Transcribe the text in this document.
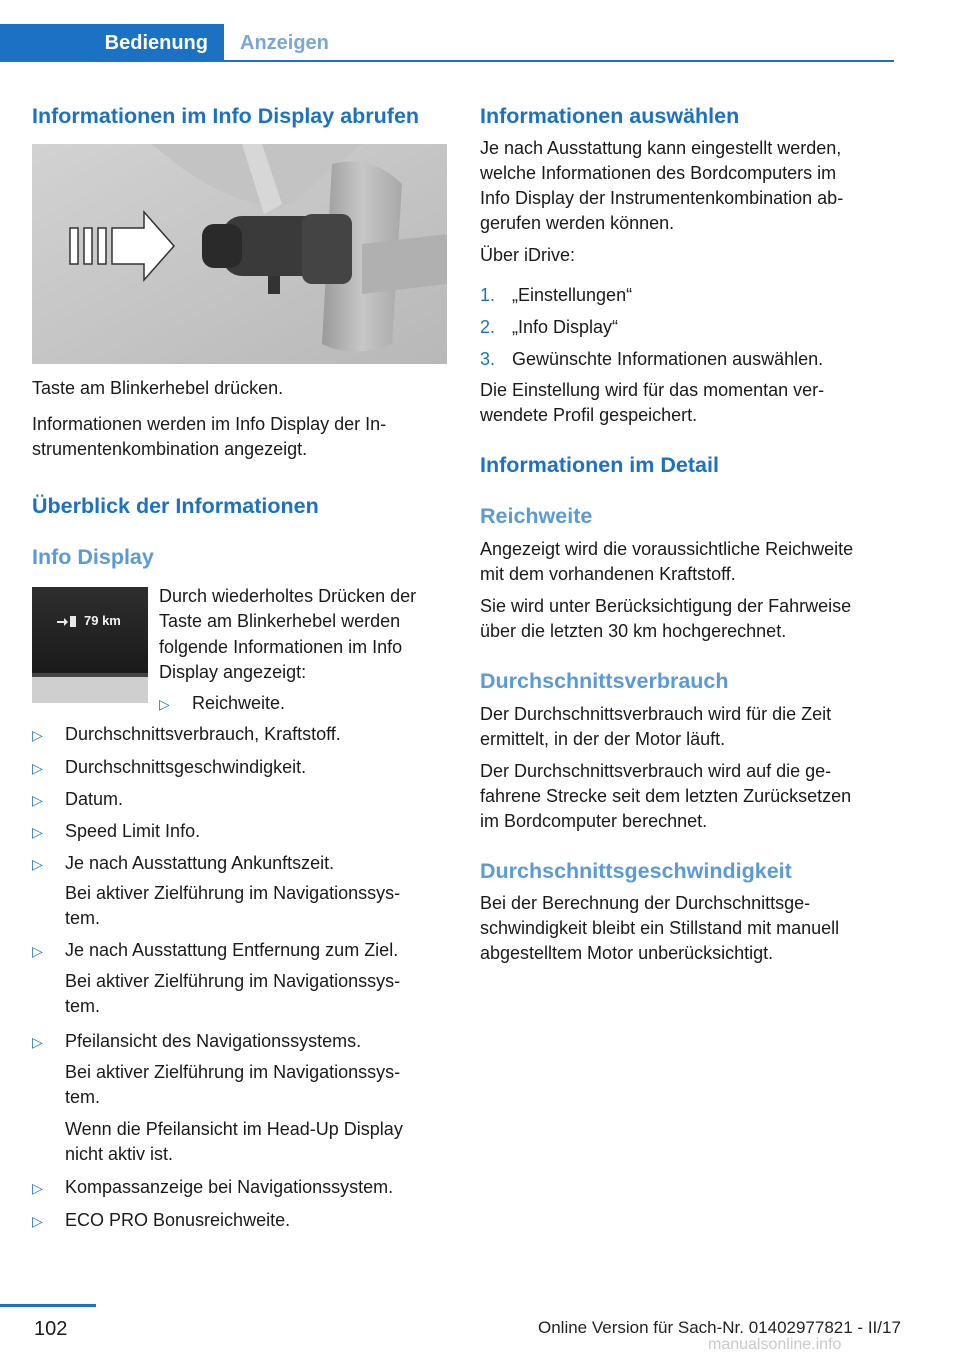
Bedienung	Anzeigen
Informationen im Info Display abrufen
Taste am Blinkerhebel drücken.
Informationen werden im Info Display der In‐
strumentenkombination angezeigt.
Überblick der Informationen
Info Display
79 km
Durch wiederholtes Drücken der
Taste am Blinkerhebel werden
folgende Informationen im Info
Display angezeigt:
▷ Reichweite.
▷ Durchschnittsverbrauch, Kraftstoff.
▷ Durchschnittsgeschwindigkeit.
▷ Datum.
▷ Speed Limit Info.
▷ Je nach Ausstattung Ankunftszeit.
Bei aktiver Zielführung im Navigationssys‐
tem.
▷ Je nach Ausstattung Entfernung zum Ziel.
Bei aktiver Zielführung im Navigationssys‐
tem.
▷ Pfeilansicht des Navigationssystems.
Bei aktiver Zielführung im Navigationssys‐
tem.
Wenn die Pfeilansicht im Head-Up Display
nicht aktiv ist.
▷ Kompassanzeige bei Navigationssystem.
▷ ECO PRO Bonusreichweite.
Informationen auswählen
Je nach Ausstattung kann eingestellt werden,
welche Informationen des Bordcomputers im
Info Display der Instrumentenkombination ab‐
gerufen werden können.
Über iDrive:
1. „Einstellungen“
2. „Info Display“
3. Gewünschte Informationen auswählen.
Die Einstellung wird für das momentan ver‐
wendete Profil gespeichert.
Informationen im Detail
Reichweite
Angezeigt wird die voraussichtliche Reichweite
mit dem vorhandenen Kraftstoff.
Sie wird unter Berücksichtigung der Fahrweise
über die letzten 30 km hochgerechnet.
Durchschnittsverbrauch
Der Durchschnittsverbrauch wird für die Zeit
ermittelt, in der der Motor läuft.
Der Durchschnittsverbrauch wird auf die ge‐
fahrene Strecke seit dem letzten Zurücksetzen
im Bordcomputer berechnet.
Durchschnittsgeschwindigkeit
Bei der Berechnung der Durchschnittsge‐
schwindigkeit bleibt ein Stillstand mit manuell
abgestelltem Motor unberücksichtigt.
102	Online Version für Sach-Nr. 01402977821 - II/17
manualsonline.info
